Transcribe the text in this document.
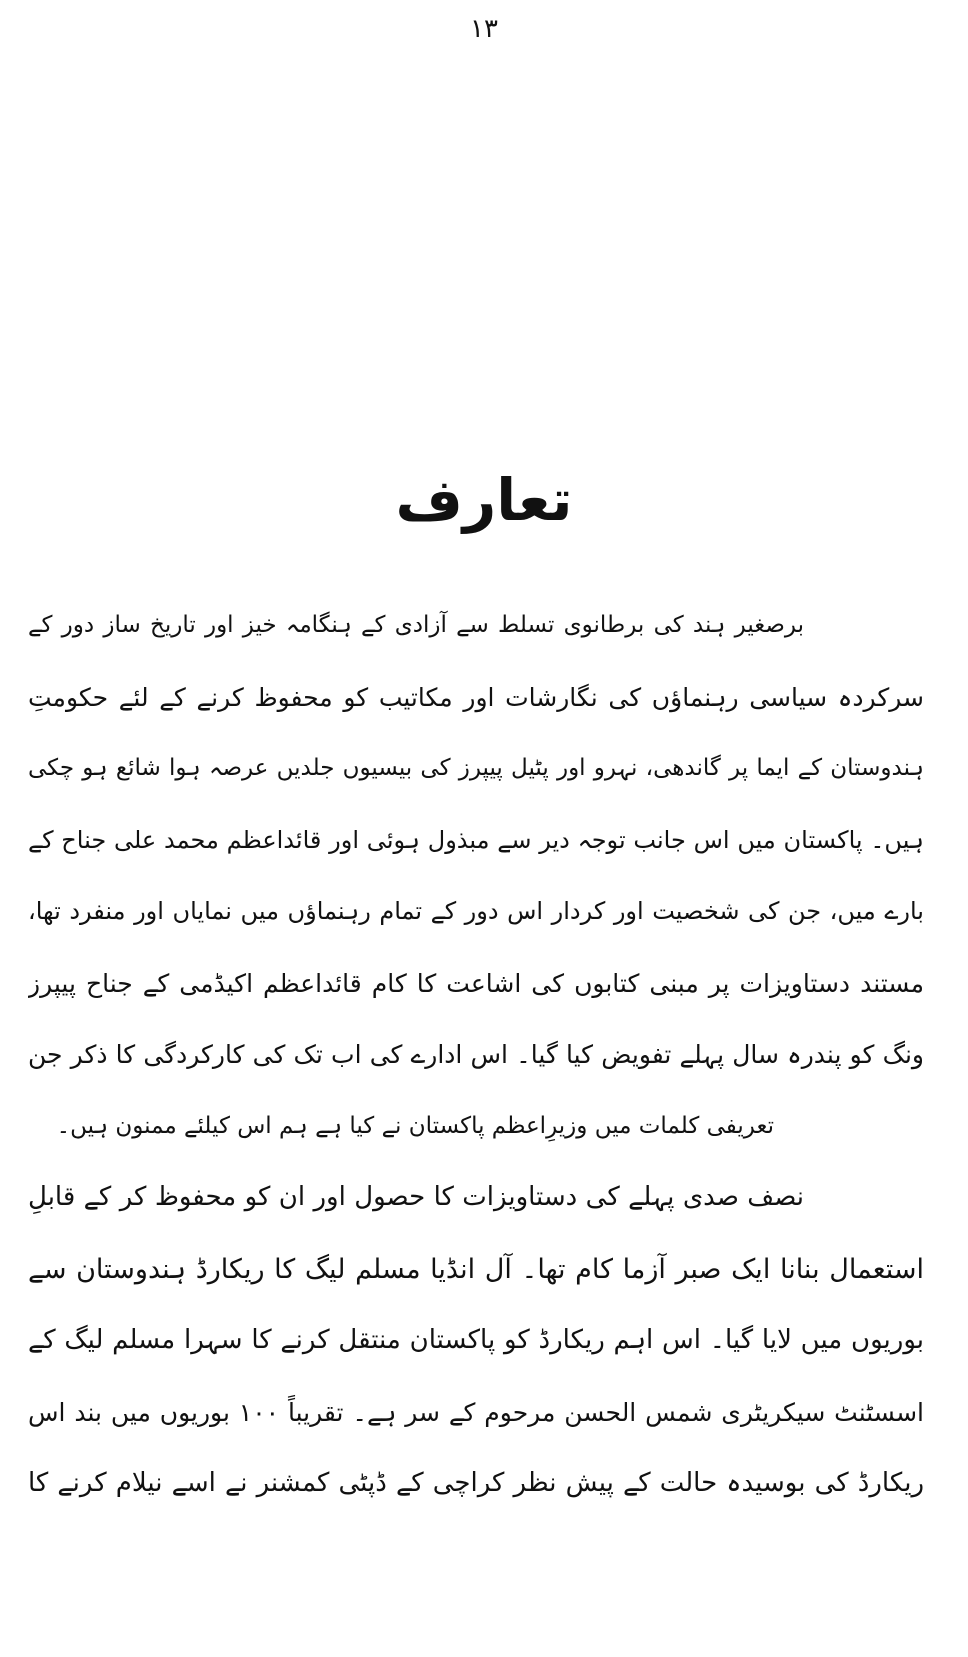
١٣
تعارف
برصغیر ہند کی برطانوی تسلط سے آزادی کے ہنگامہ خیز اور تاریخ ساز دور کے
سرکردہ سیاسی رہنماؤں کی نگارشات اور مکاتیب کو محفوظ کرنے کے لئے حکومتِ
ہندوستان کے ایما پر گاندھی، نہرو اور پٹیل پیپرز کی بیسیوں جلدیں عرصہ ہوا شائع ہو چکی
ہیں۔ پاکستان میں اس جانب توجہ دیر سے مبذول ہوئی اور قائداعظم محمد علی جناح کے
بارے میں، جن کی شخصیت اور کردار اس دور کے تمام رہنماؤں میں نمایاں اور منفرد تھا،
مستند دستاویزات پر مبنی کتابوں کی اشاعت کا کام قائداعظم اکیڈمی کے جناح پیپرز
ونگ کو پندرہ سال پہلے تفویض کیا گیا۔ اس ادارے کی اب تک کی کارکردگی کا ذکر جن
تعریفی کلمات میں وزیرِاعظم پاکستان نے کیا ہے ہم اس کیلئے ممنون ہیں۔
نصف صدی پہلے کی دستاویزات کا حصول اور ان کو محفوظ کر کے قابلِ
استعمال بنانا ایک صبر آزما کام تھا۔ آل انڈیا مسلم لیگ کا ریکارڈ ہندوستان سے
بوریوں میں لایا گیا۔ اس اہم ریکارڈ کو پاکستان منتقل کرنے کا سہرا مسلم لیگ کے
اسسٹنٹ سیکریٹری شمس الحسن مرحوم کے سر ہے۔ تقریباً ١٠٠ بوریوں میں بند اس
ریکارڈ کی بوسیدہ حالت کے پیش نظر کراچی کے ڈپٹی کمشنر نے اسے نیلام کرنے کا
